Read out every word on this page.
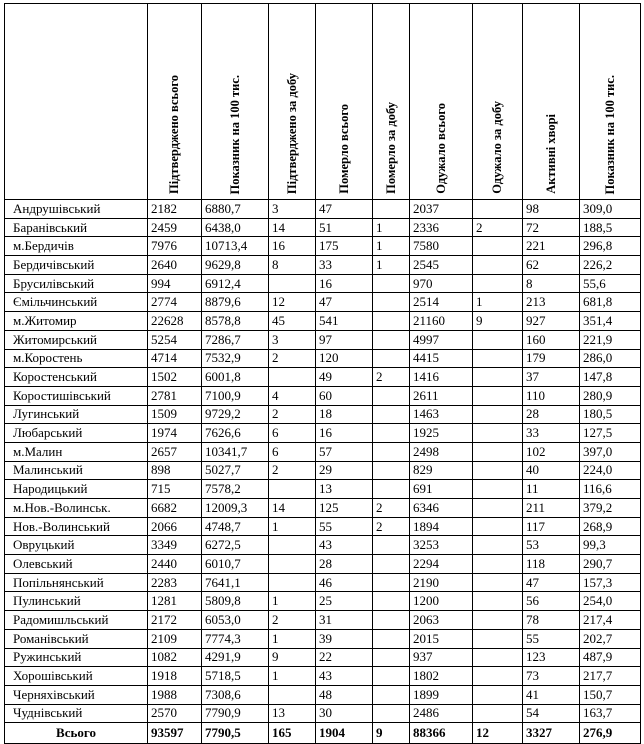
	Підтверджено всього	Показник на 100 тис.	Підтверджено за добу	Померло всього	Померло за добу	Одужало всього	Одужало за добу	Активні хворі	Показник на 100 тис.

Андрушівський	2182	6880,7	3	47		2037		98	309,0
Баранівський	2459	6438,0	14	51	1	2336	2	72	188,5
м.Бердичів	7976	10713,4	16	175	1	7580		221	296,8
Бердичівський	2640	9629,8	8	33	1	2545		62	226,2
Брусилівський	994	6912,4		16		970		8	55,6
Ємільчинський	2774	8879,6	12	47		2514	1	213	681,8
м.Житомир	22628	8578,8	45	541		21160	9	927	351,4
Житомирський	5254	7286,7	3	97		4997		160	221,9
м.Коростень	4714	7532,9	2	120		4415		179	286,0
Коростенський	1502	6001,8		49	2	1416		37	147,8
Коростишівський	2781	7100,9	4	60		2611		110	280,9
Лугинський	1509	9729,2	2	18		1463		28	180,5
Любарський	1974	7626,6	6	16		1925		33	127,5
м.Малин	2657	10341,7	6	57		2498		102	397,0
Малинський	898	5027,7	2	29		829		40	224,0
Народицький	715	7578,2		13		691		11	116,6
м.Нов.-Волинськ.	6682	12009,3	14	125	2	6346		211	379,2
Нов.-Волинський	2066	4748,7	1	55	2	1894		117	268,9
Овруцький	3349	6272,5		43		3253		53	99,3
Олевський	2440	6010,7		28		2294		118	290,7
Попільнянський	2283	7641,1		46		2190		47	157,3
Пулинський	1281	5809,8	1	25		1200		56	254,0
Радомишльський	2172	6053,0	2	31		2063		78	217,4
Романівський	2109	7774,3	1	39		2015		55	202,7
Ружинський	1082	4291,9	9	22		937		123	487,9
Хорошівський	1918	5718,5	1	43		1802		73	217,7
Черняхівський	1988	7308,6		48		1899		41	150,7
Чуднівський	2570	7790,9	13	30		2486		54	163,7
Всього	93597	7790,5	165	1904	9	88366	12	3327	276,9
